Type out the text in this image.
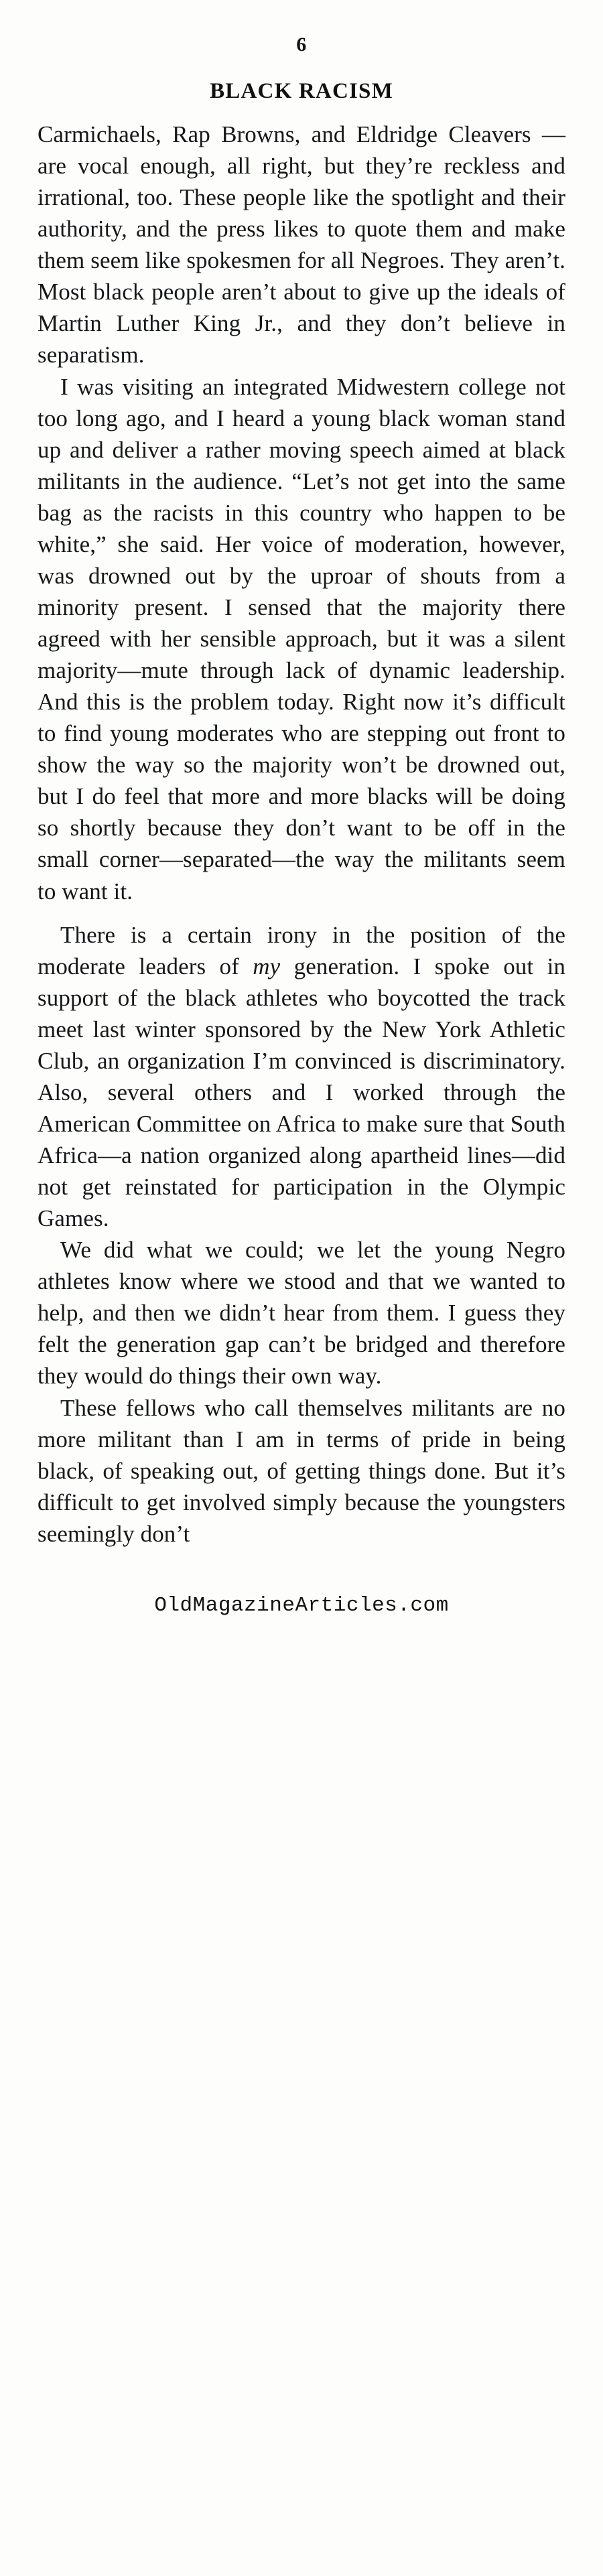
6
BLACK RACISM

Carmichaels, Rap Browns, and Eldridge Cleavers — are vocal enough, all right, but they’re reckless and irrational, too. These people like the spotlight and their authority, and the press likes to quote them and make them seem like spokesmen for all Negroes. They aren’t. Most black people aren’t about to give up the ideals of Martin Luther King Jr., and they don’t believe in separatism.

I was visiting an integrated Midwestern college not too long ago, and I heard a young black woman stand up and deliver a rather moving speech aimed at black militants in the audience. “Let’s not get into the same bag as the racists in this country who happen to be white,” she said. Her voice of moderation, however, was drowned out by the uproar of shouts from a minority present. I sensed that the majority there agreed with her sensible approach, but it was a silent majority—mute through lack of dynamic leadership. And this is the problem today. Right now it’s difficult to find young moderates who are stepping out front to show the way so the majority won’t be drowned out, but I do feel that more and more blacks will be doing so shortly because they don’t want to be off in the small corner—separated—the way the militants seem to want it.

There is a certain irony in the position of the moderate leaders of my generation. I spoke out in support of the black athletes who boycotted the track meet last winter sponsored by the New York Athletic Club, an organization I’m convinced is discriminatory. Also, several others and I worked through the American Committee on Africa to make sure that South Africa—a nation organized along apartheid lines—did not get reinstated for participation in the Olympic Games.

We did what we could; we let the young Negro athletes know where we stood and that we wanted to help, and then we didn’t hear from them. I guess they felt the generation gap can’t be bridged and therefore they would do things their own way.

These fellows who call themselves militants are no more militant than I am in terms of pride in being black, of speaking out, of getting things done. But it’s difficult to get involved simply because the youngsters seemingly don’t

OldMagazineArticles.com
